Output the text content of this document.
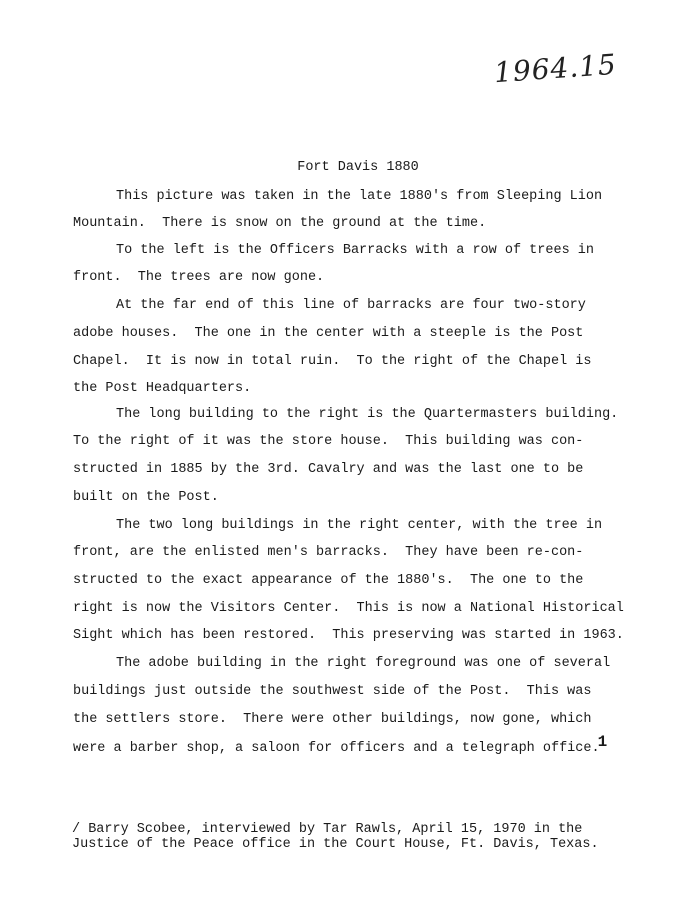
1964.15
Fort Davis 1880
This picture was taken in the late 1880's from Sleeping Lion
Mountain.  There is snow on the ground at the time.
To the left is the Officers Barracks with a row of trees in
front.  The trees are now gone.
At the far end of this line of barracks are four two-story
adobe houses.  The one in the center with a steeple is the Post
Chapel.  It is now in total ruin.  To the right of the Chapel is
the Post Headquarters.
The long building to the right is the Quartermasters building.
To the right of it was the store house.  This building was con-
structed in 1885 by the 3rd. Cavalry and was the last one to be
built on the Post.
The two long buildings in the right center, with the tree in
front, are the enlisted men's barracks.  They have been re-con-
structed to the exact appearance of the 1880's.  The one to the
right is now the Visitors Center.  This is now a National Historical
Sight which has been restored.  This preserving was started in 1963.
The adobe building in the right foreground was one of several
buildings just outside the southwest side of the Post.  This was
the settlers store.  There were other buildings, now gone, which
were a barber shop, a saloon for officers and a telegraph office.1
/ Barry Scobee, interviewed by Tar Rawls, April 15, 1970 in the
Justice of the Peace office in the Court House, Ft. Davis, Texas.
